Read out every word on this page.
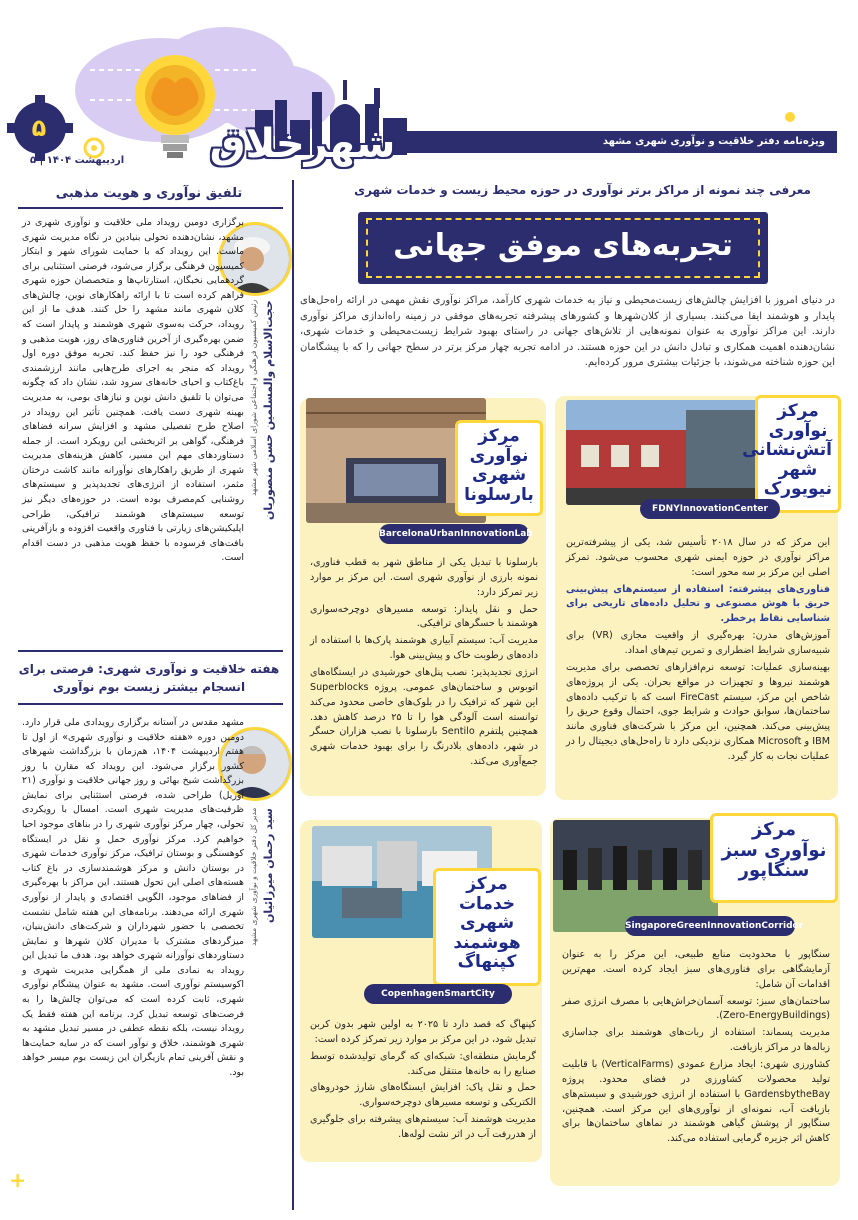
ویژه‌نامه دفتر خلاقیت و نوآوری شهری مشهد
شهرخلاق
۵
اردیبهشت ۱۴۰۴ | ۵
معرفی چند نمونه از مراکز برتر نوآوری در حوزه محیط زیست و خدمات شهری
تجربه‌های موفق جهانی
در دنیای امروز با افزایش چالش‌های زیست‌محیطی و نیاز به خدمات شهری کارآمد، مراکز نوآوری نقش مهمی در ارائه راه‌حل‌های پایدار و هوشمند ایفا می‌کنند. بسیاری از کلان‌شهرها و کشورهای پیشرفته تجربه‌های موفقی در زمینه راه‌اندازی مراکز نوآوری دارند. این مراکز نوآوری به عنوان نمونه‌هایی از تلاش‌های جهانی در راستای بهبود شرایط زیست‌محیطی و خدمات شهری، نشان‌دهنده اهمیت همکاری و تبادل دانش در این حوزه هستند. در ادامه تجربه چهار مرکز برتر در سطح جهانی را که با پیشگامان این حوزه شناخته می‌شوند، با جزئیات بیشتری مرور کرده‌ایم.
+
مرکز نوآوری آتش‌نشانی شهر نیویورک
FDNYInnovationCenter

این مرکز که در سال ۲۰۱۸ تأسیس شد، یکی از پیشرفته‌ترین مراکز نوآوری در حوزه ایمنی شهری محسوب می‌شود. تمرکز اصلی این مرکز بر سه محور است:

فناوری‌های پیشرفته: استفاده از سیستم‌های پیش‌بینی حریق با هوش مصنوعی و تحلیل داده‌های تاریخی برای شناسایی نقاط پرخطر.

آموزش‌های مدرن: بهره‌گیری از واقعیت مجازی (VR) برای شبیه‌سازی شرایط اضطراری و تمرین تیم‌های امداد.

بهینه‌سازی عملیات: توسعه نرم‌افزارهای تخصصی برای مدیریت هوشمند نیروها و تجهیزات در مواقع بحران. یکی از پروژه‌های شاخص این مرکز، سیستم FireCast است که با ترکیب داده‌های ساختمان‌ها، سوابق حوادث و شرایط جوی، احتمال وقوع حریق را پیش‌بینی می‌کند. همچنین، این مرکز با شرکت‌های فناوری مانند IBM و Microsoft همکاری نزدیکی دارد تا راه‌حل‌های دیجیتال را در عملیات نجات به کار گیرد.

مرکز نوآوری شهری بارسلونا
BarcelonaUrbanInnovationLab

بارسلونا با تبدیل یکی از مناطق شهر به قطب فناوری، نمونه بارزی از نوآوری شهری است. این مرکز بر موارد زیر تمرکز دارد:

حمل و نقل پایدار: توسعه مسیرهای دوچرخه‌سواری هوشمند با حسگرهای ترافیکی.

مدیریت آب: سیستم آبیاری هوشمند پارک‌ها با استفاده از داده‌های رطوبت خاک و پیش‌بینی هوا.

انرژی تجدیدپذیر: نصب پنل‌های خورشیدی در ایستگاه‌های اتوبوس و ساختمان‌های عمومی. پروژه Superblocks این شهر که ترافیک را در بلوک‌های خاصی محدود می‌کند توانسته است آلودگی هوا را تا ۲۵ درصد کاهش دهد. همچنین پلتفرم Sentilo بارسلونا با نصب هزاران حسگر در شهر، داده‌های بلادرنگ را برای بهبود خدمات شهری جمع‌آوری می‌کند.

مرکز نوآوری سبز سنگاپور
SingaporeGreenInnovationCorridor

سنگاپور با محدودیت منابع طبیعی، این مرکز را به عنوان آزمایشگاهی برای فناوری‌های سبز ایجاد کرده است. مهم‌ترین اقدامات آن شامل:

ساختمان‌های سبز: توسعه آسمان‌خراش‌هایی با مصرف انرژی صفر (Zero-EnergyBuildings).

مدیریت پسماند: استفاده از ربات‌های هوشمند برای جداسازی زباله‌ها در مراکز بازیافت.

کشاورزی شهری: ایجاد مزارع عمودی (VerticalFarms) با قابلیت تولید محصولات کشاورزی در فضای محدود. پروژه GardensbytheBay با استفاده از انرژی خورشیدی و سیستم‌های بازیافت آب، نمونه‌ای از نوآوری‌های این مرکز است. همچنین، سنگاپور از پوشش گیاهی هوشمند در نماهای ساختمان‌ها برای کاهش اثر جزیره گرمایی استفاده می‌کند.

مرکز خدمات شهری هوشمند کپنهاگ
CopenhagenSmartCity

کپنهاگ که قصد دارد تا ۲۰۲۵ به اولین شهر بدون کربن تبدیل شود، در این مرکز بر موارد زیر تمرکز کرده است:

گرمایش منطقه‌ای: شبکه‌ای که گرمای تولیدشده توسط صنایع را به خانه‌ها منتقل می‌کند.

حمل و نقل پاک: افزایش ایستگاه‌های شارژ خودروهای الکتریکی و توسعه مسیرهای دوچرخه‌سواری.

مدیریت هوشمند آب: سیستم‌های پیشرفته برای جلوگیری از هدررفت آب در اثر نشت لوله‌ها.

تلفیق نوآوری و هویت مذهبی
حجت‌الاسلام والمسلمین حسن منصوریان
رئیس کمیسیون فرهنگی و اجتماعی شورای اسلامی شهر مشهد
برگزاری دومین رویداد ملی خلاقیت و نوآوری شهری در مشهد، نشان‌دهنده تحولی بنیادین در نگاه مدیریت شهری ماست. این رویداد که با حمایت شورای شهر و ابتکار کمیسیون فرهنگی برگزار می‌شود، فرصتی استثنایی برای گردهمایی نخبگان، استارتاپ‌ها و متخصصان حوزه شهری فراهم کرده است تا با ارائه راهکارهای نوین، چالش‌های کلان شهری مانند مشهد را حل کنند. هدف ما از این رویداد، حرکت به‌سوی شهری هوشمند و پایدار است که ضمن بهره‌گیری از آخرین فناوری‌های روز، هویت مذهبی و فرهنگی خود را نیز حفظ کند. تجربه موفق دوره اول رویداد که منجر به اجرای طرح‌هایی مانند ارزشمندی باغ‌کتاب و احیای خانه‌های سرود شد، نشان داد که چگونه می‌توان با تلفیق دانش نوین و نیازهای بومی، به مدیریت بهینه شهری دست یافت. همچنین تأثیر این رویداد در اصلاح طرح تفصیلی مشهد و افزایش سرانه فضاهای فرهنگی، گواهی بر اثربخشی این رویکرد است. از جمله دستاوردهای مهم این مسیر، کاهش هزینه‌های مدیریت شهری از طریق راهکارهای نوآورانه مانند کاشت درختان مثمر، استفاده از انرژی‌های تجدیدپذیر و سیستم‌های روشنایی کم‌مصرف بوده است. در حوزه‌های دیگر نیز توسعه سیستم‌های هوشمند ترافیکی، طراحی اپلیکیشن‌های زیارتی با فناوری واقعیت افزوده و بازآفرینی بافت‌های فرسوده با حفظ هویت مذهبی در دست اقدام است.
هفته خلاقیت و نوآوری شهری: فرصتی برای انسجام بیشتر زیست بوم نوآوری
سید رحمان میرزائیان
مدیر کل دفتر خلاقیت و نوآوری شهری مشهد
مشهد مقدس در آستانه برگزاری رویدادی ملی قرار دارد. دومین دوره «هفته خلاقیت و نوآوری شهری» از اول تا هفتم اردیبهشت ۱۴۰۴، هم‌زمان با بزرگداشت شهرهای کشور برگزار می‌شود. این رویداد که مقارن با روز بزرگداشت شیخ بهائی و روز جهانی خلاقیت و نوآوری (۲۱ آوریل) طراحی شده، فرصتی استثنایی برای نمایش ظرفیت‌های مدیریت شهری است. امسال با رویکردی تحولی، چهار مرکز نوآوری شهری را در بناهای موجود احیا خواهیم کرد. مرکز نوآوری حمل و نقل در ایستگاه کوهسنگی و بوستان ترافیک، مرکز نوآوری خدمات شهری در بوستان دانش و مرکز هوشمندسازی در باغ کتاب هسته‌های اصلی این تحول هستند. این مراکز با بهره‌گیری از فضاهای موجود، الگویی اقتصادی و پایدار از نوآوری شهری ارائه می‌دهند. برنامه‌های این هفته شامل نشست تخصصی با حضور شهرداران و شرکت‌های دانش‌بنیان، میزگردهای مشترک با مدیران کلان شهرها و نمایش دستاوردهای نوآورانه شهری خواهد بود. هدف ما تبدیل این رویداد به نمادی ملی از همگرایی مدیریت شهری و اکوسیستم نوآوری است. مشهد به عنوان پیشگام نوآوری شهری، ثابت کرده است که می‌توان چالش‌ها را به فرصت‌های توسعه تبدیل کرد. برنامه این هفته فقط یک رویداد نیست، بلکه نقطه عطفی در مسیر تبدیل مشهد به شهری هوشمند، خلاق و نوآور است که در سایه حمایت‌ها و نقش آفرینی تمام بازیگران این زیست بوم میسر خواهد بود.
